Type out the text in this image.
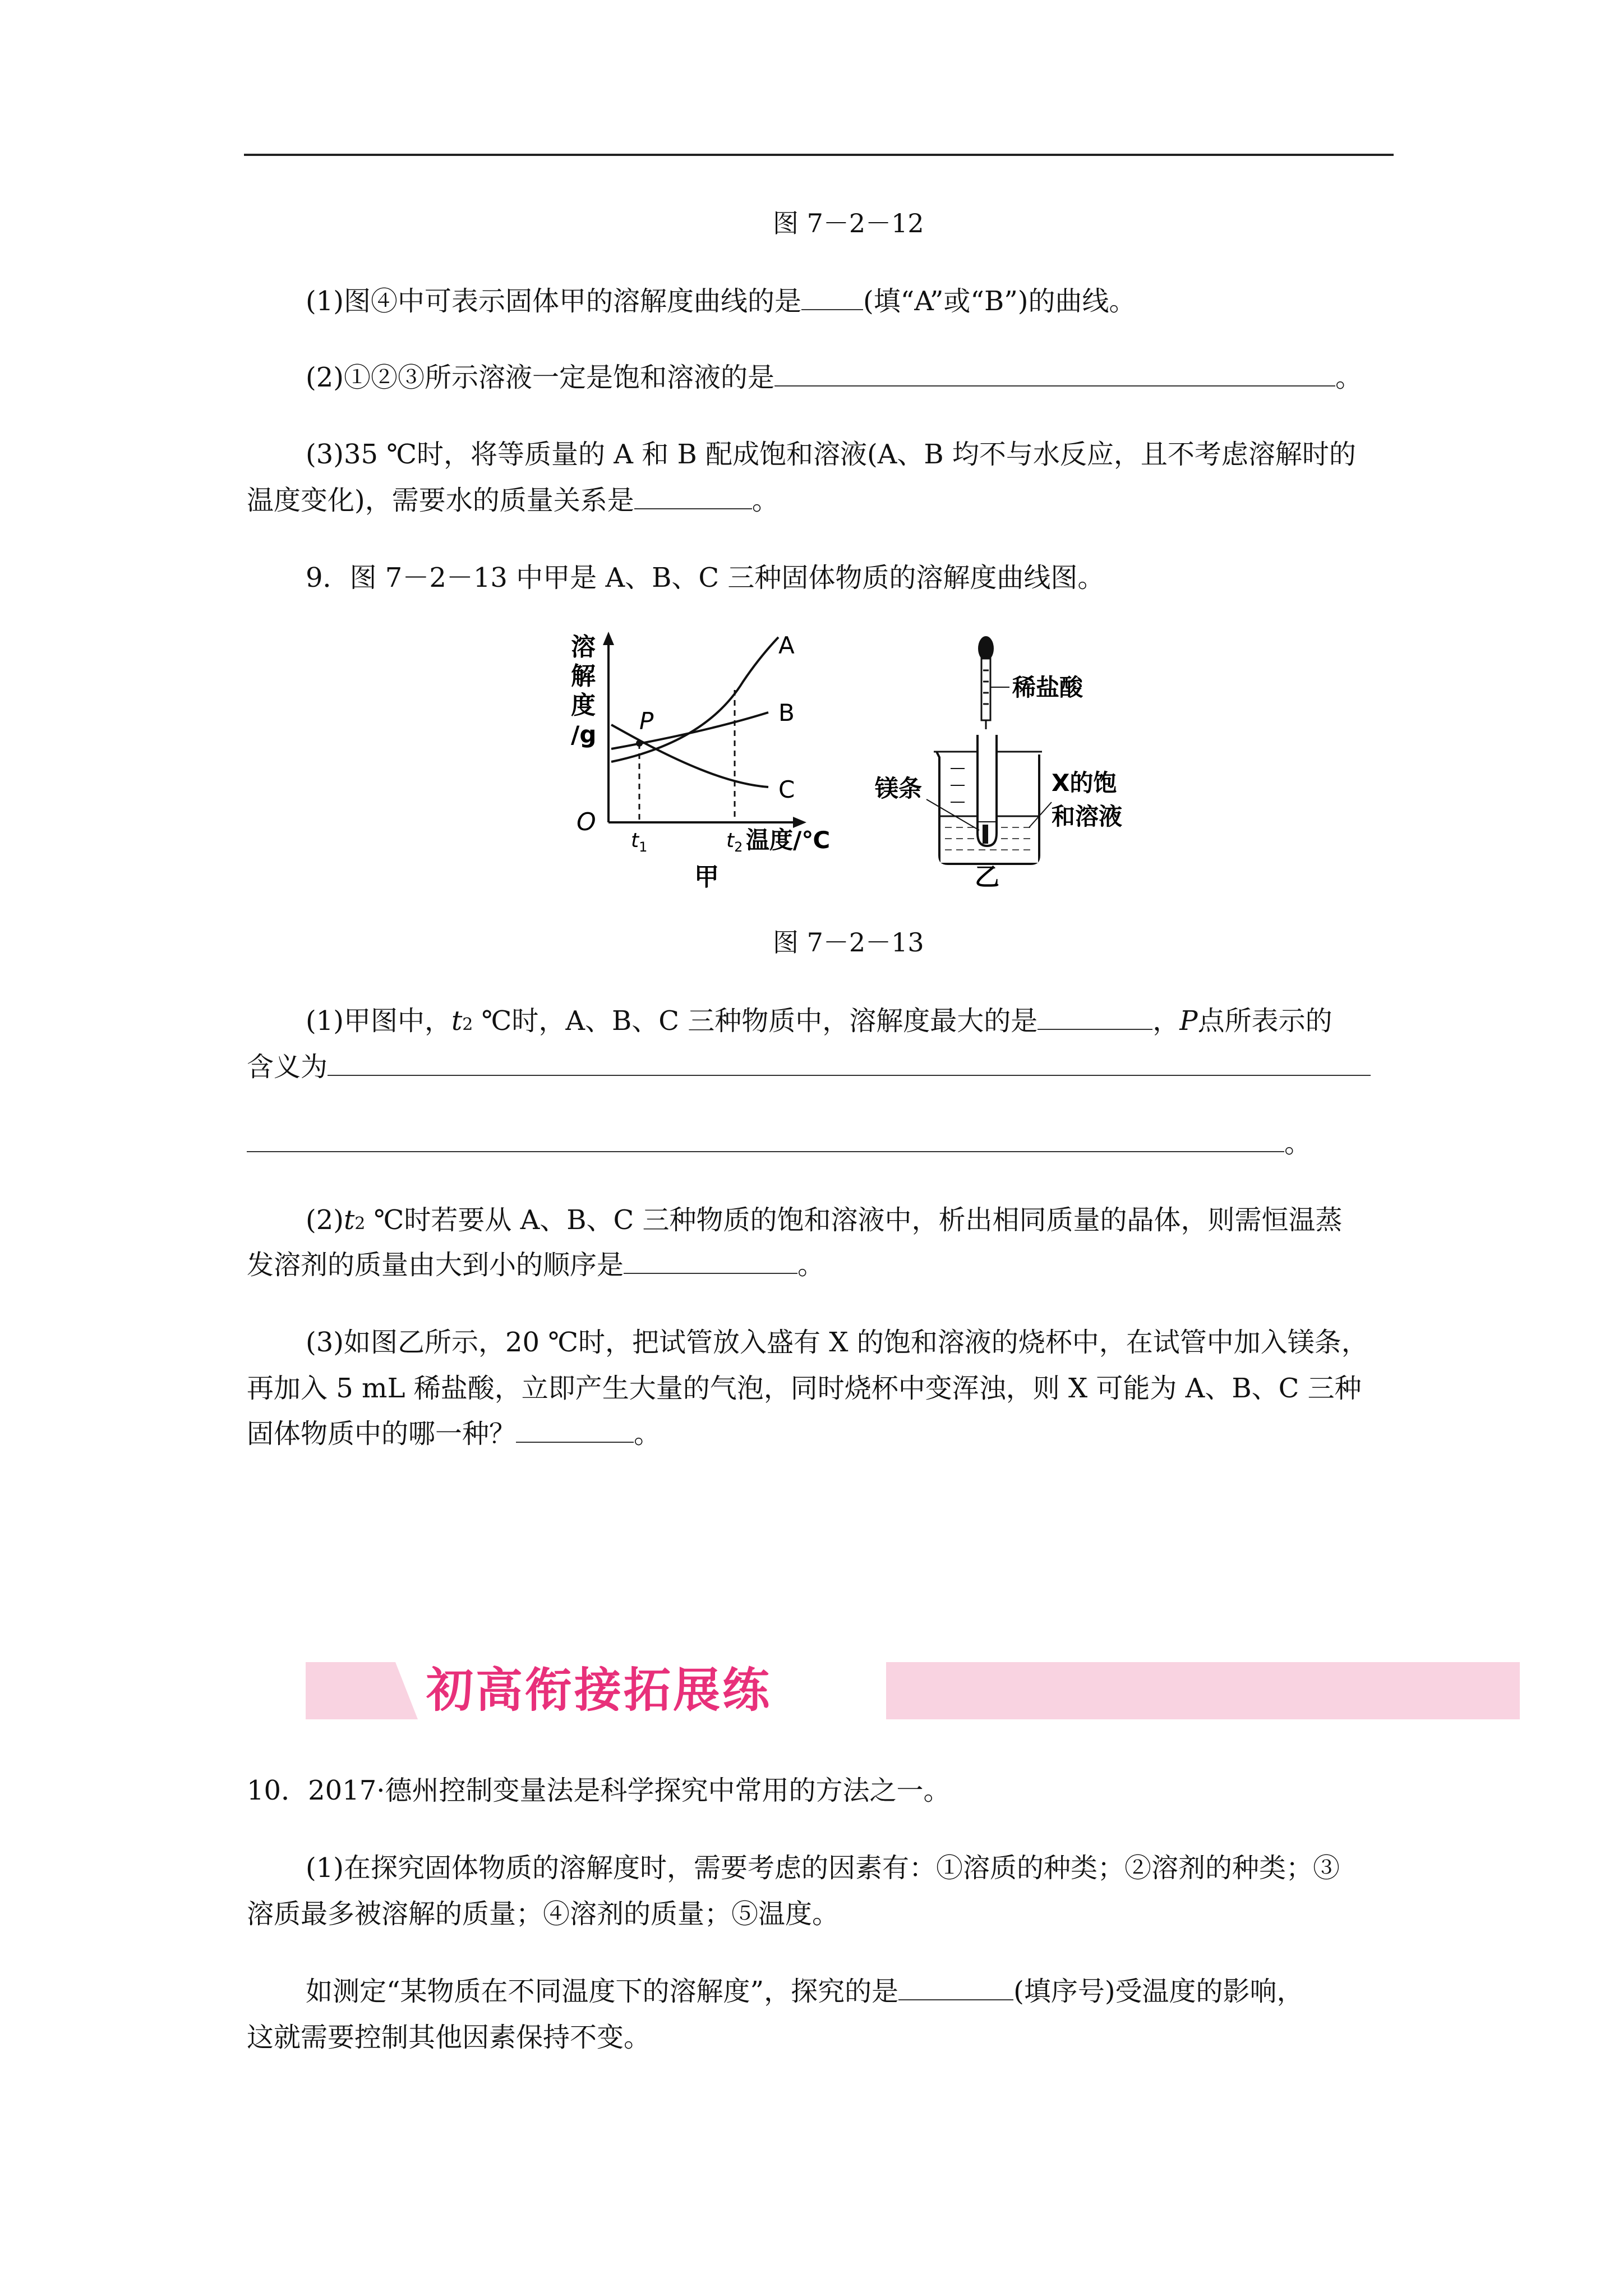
图 7－2－12
(1)图④中可表示固体甲的溶解度曲线的是 (填“A”或“B”)的曲线。
(2)①②③所示溶液一定是饱和溶液的是	。
(3)35 ℃时，将等质量的 A 和 B 配成饱和溶液(A、B 均不与水反应，且不考虑溶解时的
温度变化)，需要水的质量关系是	。
9．图 7－2－13 中甲是 A、B、C 三种固体物质的溶解度曲线图。
溶
解
度
/g
O
P
A
B
C
$t_1$	$t_2$ 温度/℃
甲
稀盐酸
镁条	X的饱
和溶液
乙
图 7－2－13
(1)甲图中，t2 ℃时，A、B、C 三种物质中，溶解度最大的是	，P点所表示的
含义为
。
(2)t2 ℃时若要从 A、B、C 三种物质的饱和溶液中，析出相同质量的晶体，则需恒温蒸
发溶剂的质量由大到小的顺序是	。
(3)如图乙所示，20 ℃时，把试管放入盛有 X 的饱和溶液的烧杯中，在试管中加入镁条，
再加入 5 mL 稀盐酸，立即产生大量的气泡，同时烧杯中变浑浊，则 X 可能为 A、B、C 三种
固体物质中的哪一种？	。
初高衔接拓展练
10．2017·德州控制变量法是科学探究中常用的方法之一。
(1)在探究固体物质的溶解度时，需要考虑的因素有：①溶质的种类；②溶剂的种类；③
溶质最多被溶解的质量；④溶剂的质量；⑤温度。
如测定“某物质在不同温度下的溶解度”，探究的是	(填序号)受温度的影响，
这就需要控制其他因素保持不变。
